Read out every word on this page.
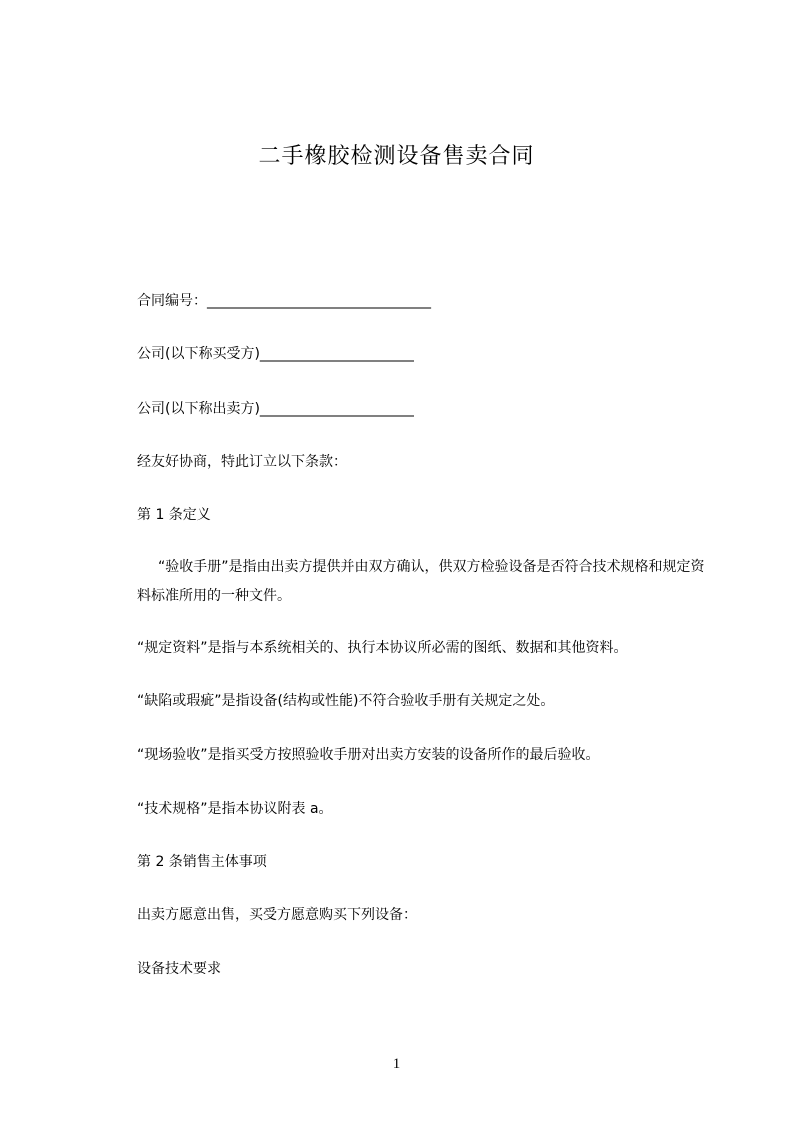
二手橡胶检测设备售卖合同
合同编号：________________________________
公司(以下称买受方)______________________
公司(以下称出卖方)______________________
经友好协商，特此订立以下条款：
第 1 条定义
“验收手册”是指由出卖方提供并由双方确认，供双方检验设备是否符合技术规格和规定资料标准所用的一种文件。
“规定资料”是指与本系统相关的、执行本协议所必需的图纸、数据和其他资料。
“缺陷或瑕疵”是指设备(结构或性能)不符合验收手册有关规定之处。
“现场验收”是指买受方按照验收手册对出卖方安装的设备所作的最后验收。
“技术规格”是指本协议附表 a。
第 2 条销售主体事项
出卖方愿意出售，买受方愿意购买下列设备：
设备技术要求
1
